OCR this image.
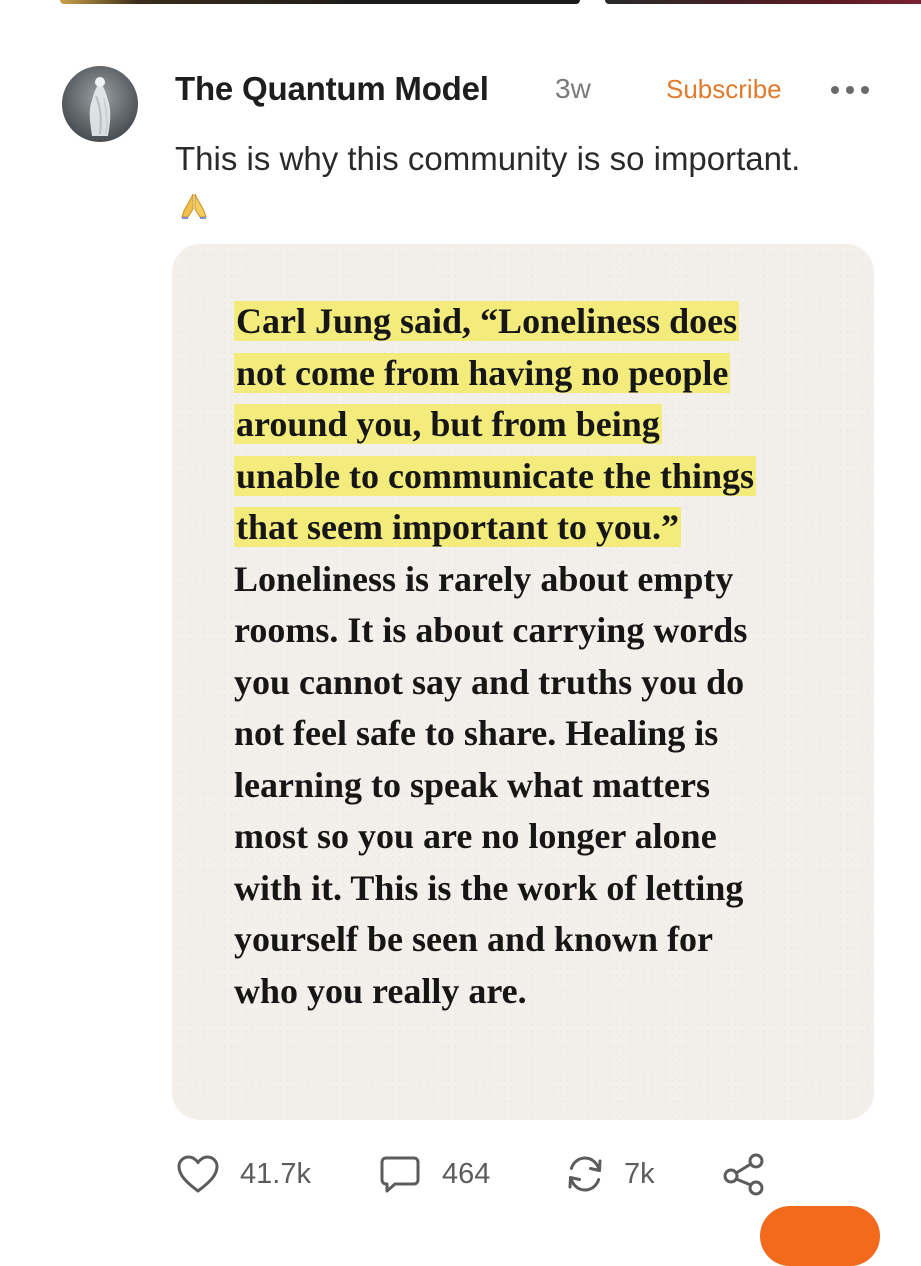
The Quantum Model 3w	Subscribe
This is why this community is so important.
Carl Jung said, “Loneliness does
not come from having no people
around you, but from being
unable to communicate the things
that seem important to you.”
Loneliness is rarely about empty
rooms. It is about carrying words
you cannot say and truths you do
not feel safe to share. Healing is
learning to speak what matters
most so you are no longer alone
with it. This is the work of letting
yourself be seen and known for
who you really are.
41.7k	464	7k
